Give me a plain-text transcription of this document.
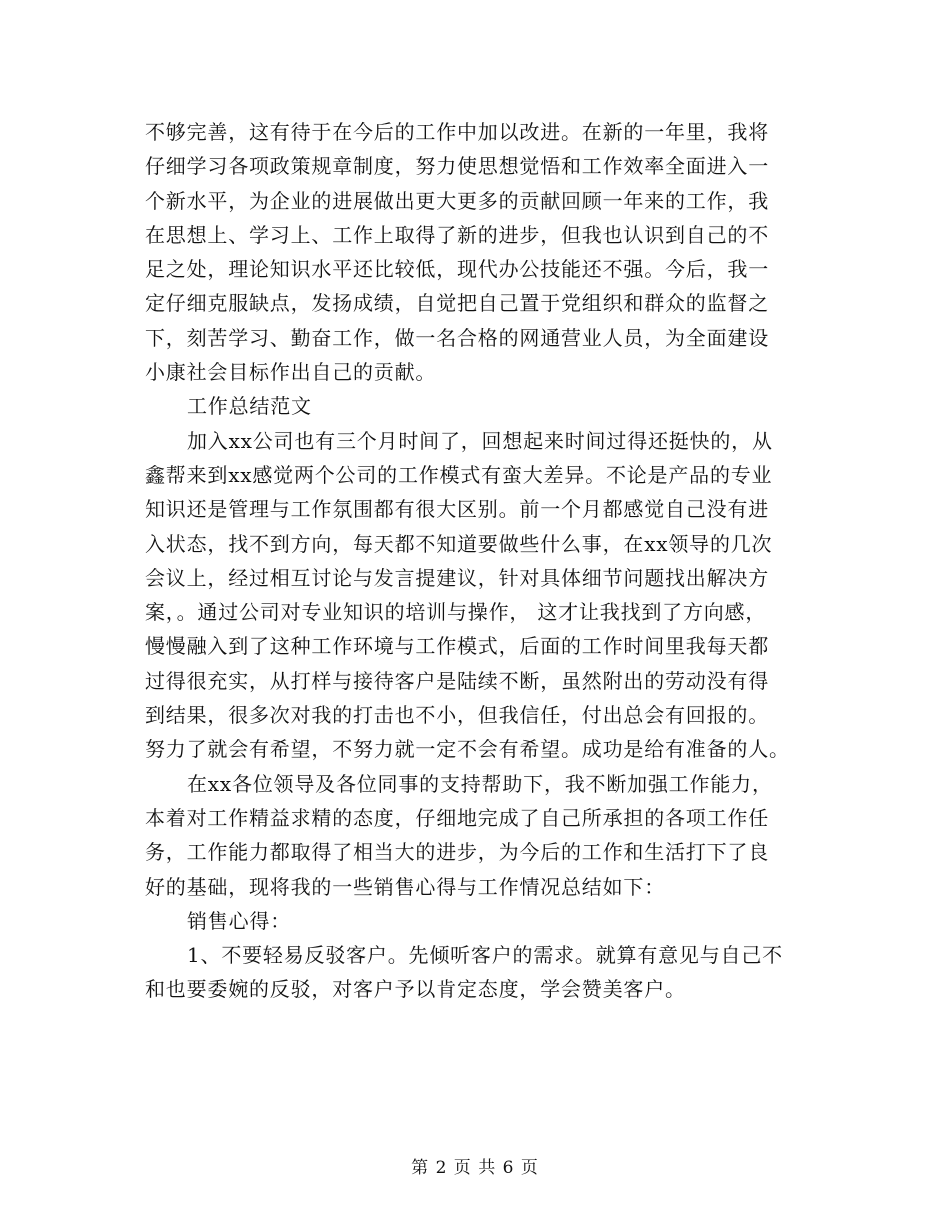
不够完善，这有待于在今后的工作中加以改进。在新的一年里，我将
仔细学习各项政策规章制度，努力使思想觉悟和工作效率全面进入一
个新水平，为企业的进展做出更大更多的贡献回顾一年来的工作，我
在思想上、学习上、工作上取得了新的进步，但我也认识到自己的不
足之处，理论知识水平还比较低，现代办公技能还不强。今后，我一
定仔细克服缺点，发扬成绩，自觉把自己置于党组织和群众的监督之
下，刻苦学习、勤奋工作，做一名合格的网通营业人员，为全面建设
小康社会目标作出自己的贡献。
工作总结范文
加入xx公司也有三个月时间了，回想起来时间过得还挺快的，从
鑫帮来到xx感觉两个公司的工作模式有蛮大差异。不论是产品的专业
知识还是管理与工作氛围都有很大区别。前一个月都感觉自己没有进
入状态，找不到方向，每天都不知道要做些什么事，在xx领导的几次
会议上，经过相互讨论与发言提建议，针对具体细节问题找出解决方
案，。通过公司对专业知识的培训与操作， 这才让我找到了方向感，
慢慢融入到了这种工作环境与工作模式，后面的工作时间里我每天都
过得很充实，从打样与接待客户是陆续不断，虽然附出的劳动没有得
到结果，很多次对我的打击也不小，但我信任，付出总会有回报的。
努力了就会有希望，不努力就一定不会有希望。成功是给有准备的人。
在xx各位领导及各位同事的支持帮助下，我不断加强工作能力，
本着对工作精益求精的态度，仔细地完成了自己所承担的各项工作任
务，工作能力都取得了相当大的进步，为今后的工作和生活打下了良
好的基础，现将我的一些销售心得与工作情况总结如下：
销售心得：
1、不要轻易反驳客户。先倾听客户的需求。就算有意见与自己不
和也要委婉的反驳，对客户予以肯定态度，学会赞美客户。
第 2 页 共 6 页
